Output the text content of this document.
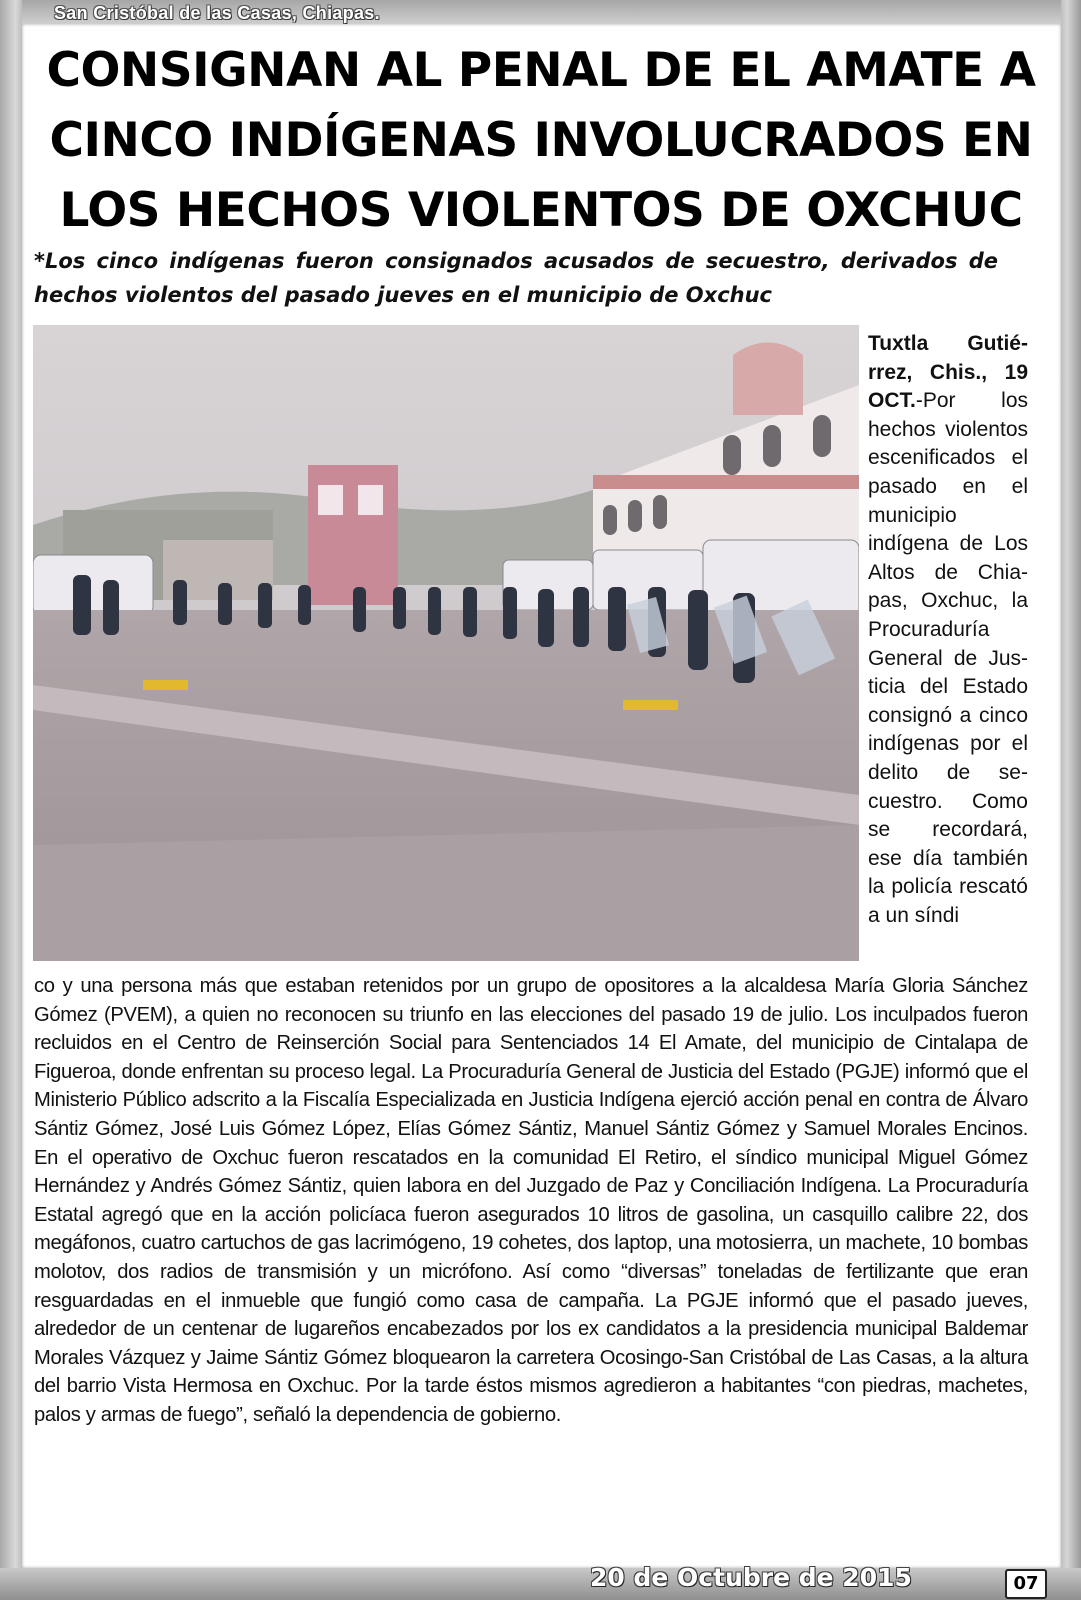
San Cristóbal de las Casas, Chiapas.
CONSIGNAN AL PENAL DE EL AMATE A CINCO INDÍGENAS INVOLUCRADOS EN LOS HECHOS VIOLENTOS DE OXCHUC

*Los cinco indígenas fueron consignados acusados de secuestro, derivados de hechos violentos del pasado jueves en el municipio de Oxchuc

Tuxtla Gutiérrez, Chis., 19 OCT.-Por los hechos violentos escenificados el pasado en el municipio indígena de Los Altos de Chiapas, Oxchuc, la Procuraduría General de Justicia del Estado consignó a cinco indígenas por el delito de secuestro. Como se recordará, ese día también la policía rescató a un síndi

co y una persona más que estaban retenidos por un grupo de opositores a la alcaldesa María Gloria Sánchez Gómez (PVEM), a quien no reconocen su triunfo en las elecciones del pasado 19 de julio. Los inculpados fueron recluidos en el Centro de Reinserción Social para Sentenciados 14 El Amate, del municipio de Cintalapa de Figueroa, donde enfrentan su proceso legal. La Procuraduría General de Justicia del Estado (PGJE) informó que el Ministerio Público adscrito a la Fiscalía Especializada en Justicia Indígena ejerció acción penal en contra de Álvaro Sántiz Gómez, José Luis Gómez López, Elías Gómez Sántiz, Manuel Sántiz Gómez y Samuel Morales Encinos. En el operativo de Oxchuc fueron rescatados en la comunidad El Retiro, el síndico municipal Miguel Gómez Hernández y Andrés Gómez Sántiz, quien labora en del Juzgado de Paz y Conciliación Indígena. La Procuraduría Estatal agregó que en la acción policíaca fueron asegurados 10 litros de gasolina, un casquillo calibre 22, dos megáfonos, cuatro cartuchos de gas lacrimógeno, 19 cohetes, dos laptop, una motosierra, un machete, 10 bombas molotov, dos radios de transmisión y un micrófono. Así como “diversas” toneladas de fertilizante que eran resguardadas en el inmueble que fungió como casa de campaña. La PGJE informó que el pasado jueves, alrededor de un centenar de lugareños encabezados por los ex candidatos a la presidencia municipal Baldemar Morales Vázquez y Jaime Sántiz Gómez bloquearon la carretera Ocosingo-San Cristóbal de Las Casas, a la altura del barrio Vista Hermosa en Oxchuc. Por la tarde éstos mismos agredieron a habitantes “con piedras, machetes, palos y armas de fuego”, señaló la dependencia de gobierno.

20 de Octubre de 2015	07
